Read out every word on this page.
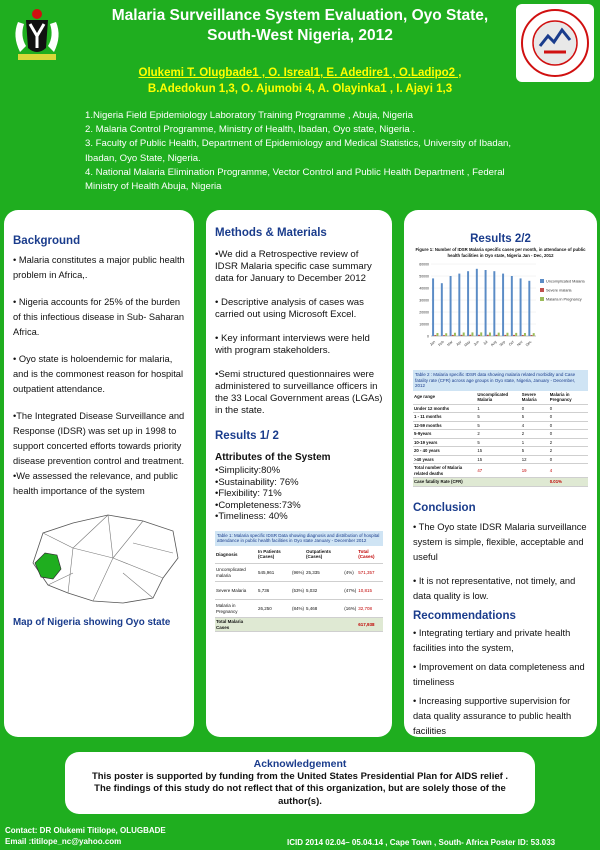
Malaria Surveillance System Evaluation, Oyo State, South-West Nigeria, 2012
Olukemi T. Olugbade1 , O. Isreal1, E. Adedire1 , O.Ladipo2 ,
B.Adedokun 1,3, O. Ajumobi 4, A. Olayinka1 , I. Ajayi 1,3
1.Nigeria Field Epidemiology Laboratory Training Programme , Abuja, Nigeria
2. Malaria Control Programme, Ministry of Health, Ibadan, Oyo state, Nigeria .
3. Faculty of Public Health, Department of Epidemiology and Medical Statistics, University of Ibadan, Ibadan, Oyo State, Nigeria.
4. National Malaria Elimination Programme, Vector Control and Public Health Department , Federal Ministry of Health Abuja, Nigeria
Background
• Malaria constitutes a major public health problem in Africa,.
• Nigeria accounts for 25% of the burden of this infectious disease in Sub- Saharan Africa.
• Oyo state is holoendemic for malaria, and is the commonest reason for hospital outpatient attendance.
•The Integrated Disease Surveillance and Response (IDSR) was set up in 1998 to support concerted efforts towards priority disease prevention control and treatment.
•We assessed the relevance, and public health importance of the system
Map of Nigeria showing Oyo state
Methods & Materials
•We did a Retrospective review of IDSR Malaria specific case summary data for January to December 2012
• Descriptive analysis of cases was carried out using Microsoft Excel.
• Key informant interviews were held with program stakeholders.
•Semi structured questionnaires were administered to surveillance officers in the 33 Local Government areas (LGAs) in the state.
Results 1/ 2
Attributes of the System
•Simplicity:80%
•Sustainability: 76%
•Flexibility: 71%
•Completeness:73%
•Timeliness: 40%
Table 1: Malaria specific IDSR Data showing diagnosis and distribution of hospital attendance in public health facilities in Oyo state January - December 2012
Diagnosis	In Patients (Cases)		Outpatients (Cases)		Total (Cases)
Uncomplicated malaria	545,961	(96%)	25,335	(4%)	571,357
Severe Malaria	5,736	(53%)	5,032	(47%)	10,815
Malaria in Pregnancy	26,250	(84%)	5,468	(16%)	32,708
Total Malaria Cases					617,938
Results 2/2
Figure 1: Number of IDSR Malaria specific cases per month, in attendance of public health facilities in Oyo state, Nigeria Jan - Dec, 2012
0
10000
20000
30000
40000
50000
60000
Jan Feb Mar Apr May Jun Jul Aug Sep Oct Nov Dec
Uncomplicated Malaria
Severe malaria
Malaria in Pregnancy
Table 2 : Malaria specific IDSR data showing malaria related morbidity and Case fatality rate (CFR) across age groups in Oyo state, Nigeria, January - December, 2012
Age range	Uncomplicated Malaria	Severe Malaria	Malaria in Pregnancy
Under 12 months	1	0	0
1 - 11 months	5	5	0
12-59 months	5	4	0
5-9years	2	2	0
10-19 years	5	1	2
20 - 40 years	15	5	2
>40 years	15	12	0
Total number of Malaria related deaths	47	19	4
Case fatality Rate (CFR)			0.01%
Conclusion
• The Oyo state IDSR Malaria surveillance system is simple, flexible, acceptable and useful
• It is not representative, not timely, and data quality is low.
Recommendations
• Integrating tertiary and private health facilities into the system,
• Improvement on data completeness and timeliness
• Increasing supportive supervision for data quality assurance to public health facilities
Acknowledgement
This poster is supported by funding from the United States Presidential Plan for AIDS relief .
The findings of this study do not reflect that of this organization, but are solely those of the author(s).
Contact: DR Olukemi Titilope, OLUGBADE
Email :titilope_nc@yahoo.com	ICID 2014 02.04– 05.04.14 , Cape Town , South- Africa Poster ID: 53.033
